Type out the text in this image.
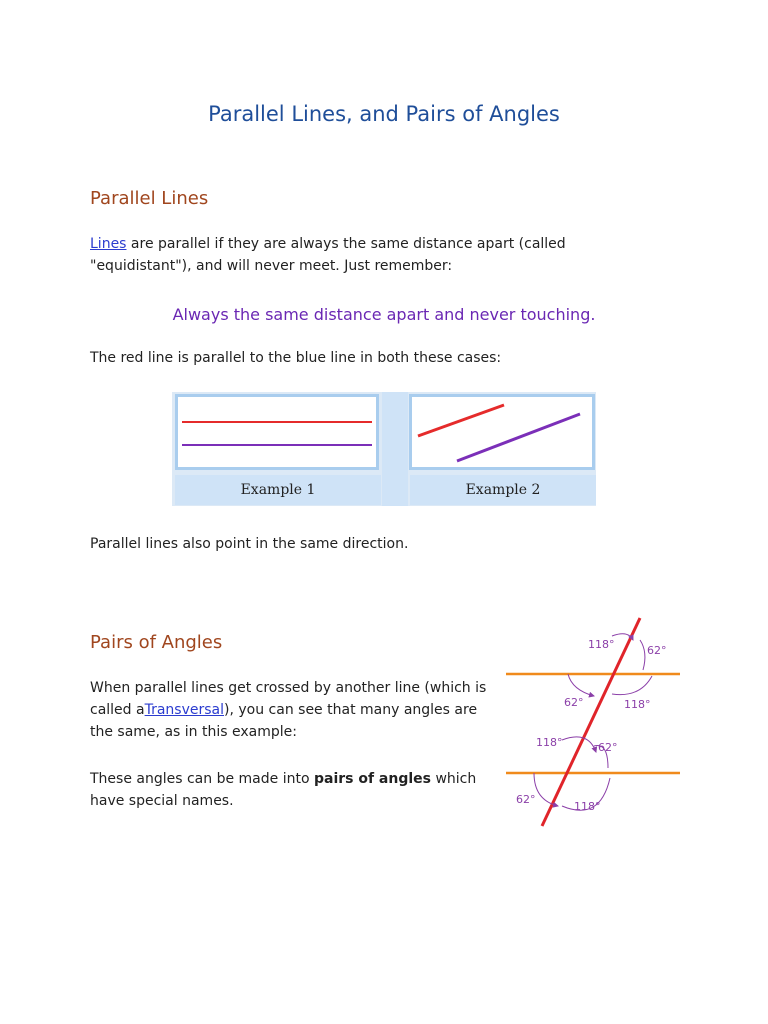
Parallel Lines, and Pairs of Angles
Parallel Lines

Lines are parallel if they are always the same distance apart (called
"equidistant"), and will never meet. Just remember:

Always the same distance apart and never touching.

The red line is parallel to the blue line in both these cases:

Example 1	Example 2

Parallel lines also point in the same direction.

Pairs of Angles

When parallel lines get crossed by another line (which is
called aTransversal), you can see that many angles are
the same, as in this example:

These angles can be made into pairs of angles which
have special names.

118°	62°
62°	118°
118°	62°
62°
118°
